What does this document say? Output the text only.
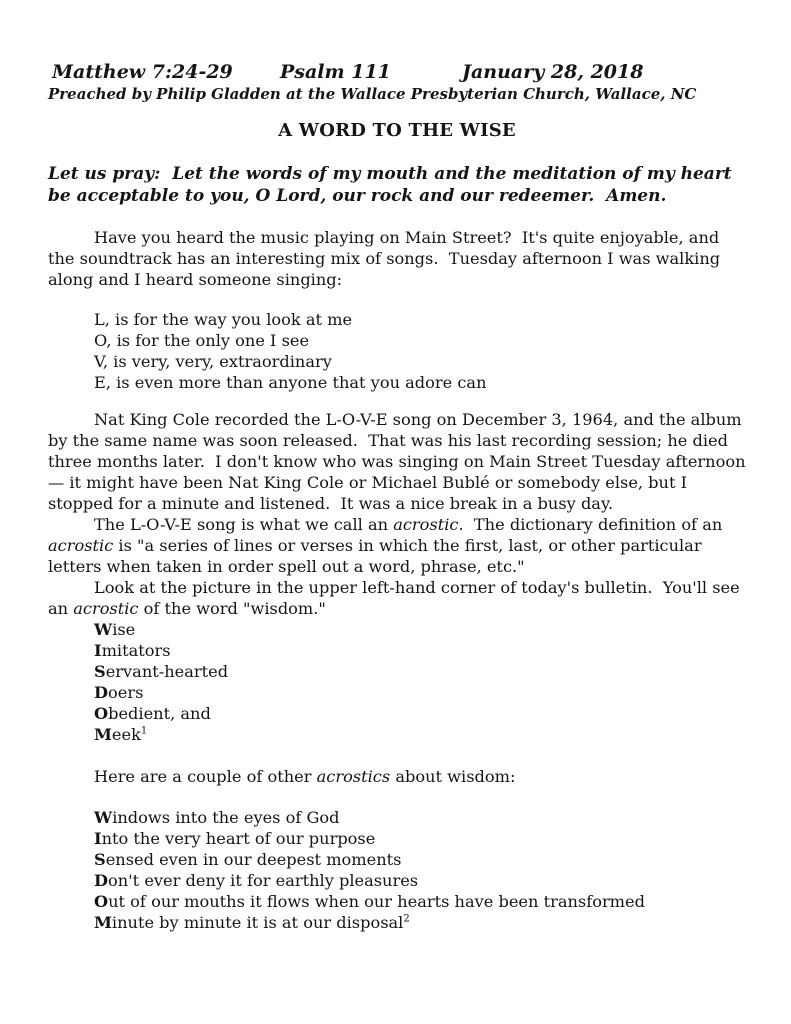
Matthew 7:24-29 Psalm 111	January 28, 2018
Preached by Philip Gladden at the Wallace Presbyterian Church, Wallace, NC
A WORD TO THE WISE

Let us pray:  Let the words of my mouth and the meditation of my heart be acceptable to you, O Lord, our rock and our redeemer.  Amen.

Have you heard the music playing on Main Street?  It's quite enjoyable, and the soundtrack has an interesting mix of songs.  Tuesday afternoon I was walking along and I heard someone singing:

L, is for the way you look at me
O, is for the only one I see
V, is very, very, extraordinary
E, is even more than anyone that you adore can

Nat King Cole recorded the L-O-V-E song on December 3, 1964, and the album by the same name was soon released.  That was his last recording session; he died three months later.  I don't know who was singing on Main Street Tuesday afternoon — it might have been Nat King Cole or Michael Bublé or somebody else, but I stopped for a minute and listened.  It was a nice break in a busy day.

The L-O-V-E song is what we call an acrostic.  The dictionary definition of an acrostic is "a series of lines or verses in which the first, last, or other particular letters when taken in order spell out a word, phrase, etc."

Look at the picture in the upper left-hand corner of today's bulletin.  You'll see an acrostic of the word "wisdom."

Wise
Imitators
Servant-hearted
Doers
Obedient, and
Meek$^1$

Here are a couple of other acrostics about wisdom:

Windows into the eyes of God
Into the very heart of our purpose
Sensed even in our deepest moments
Don't ever deny it for earthly pleasures
Out of our mouths it flows when our hearts have been transformed
Minute by minute it is at our disposal$^2$
